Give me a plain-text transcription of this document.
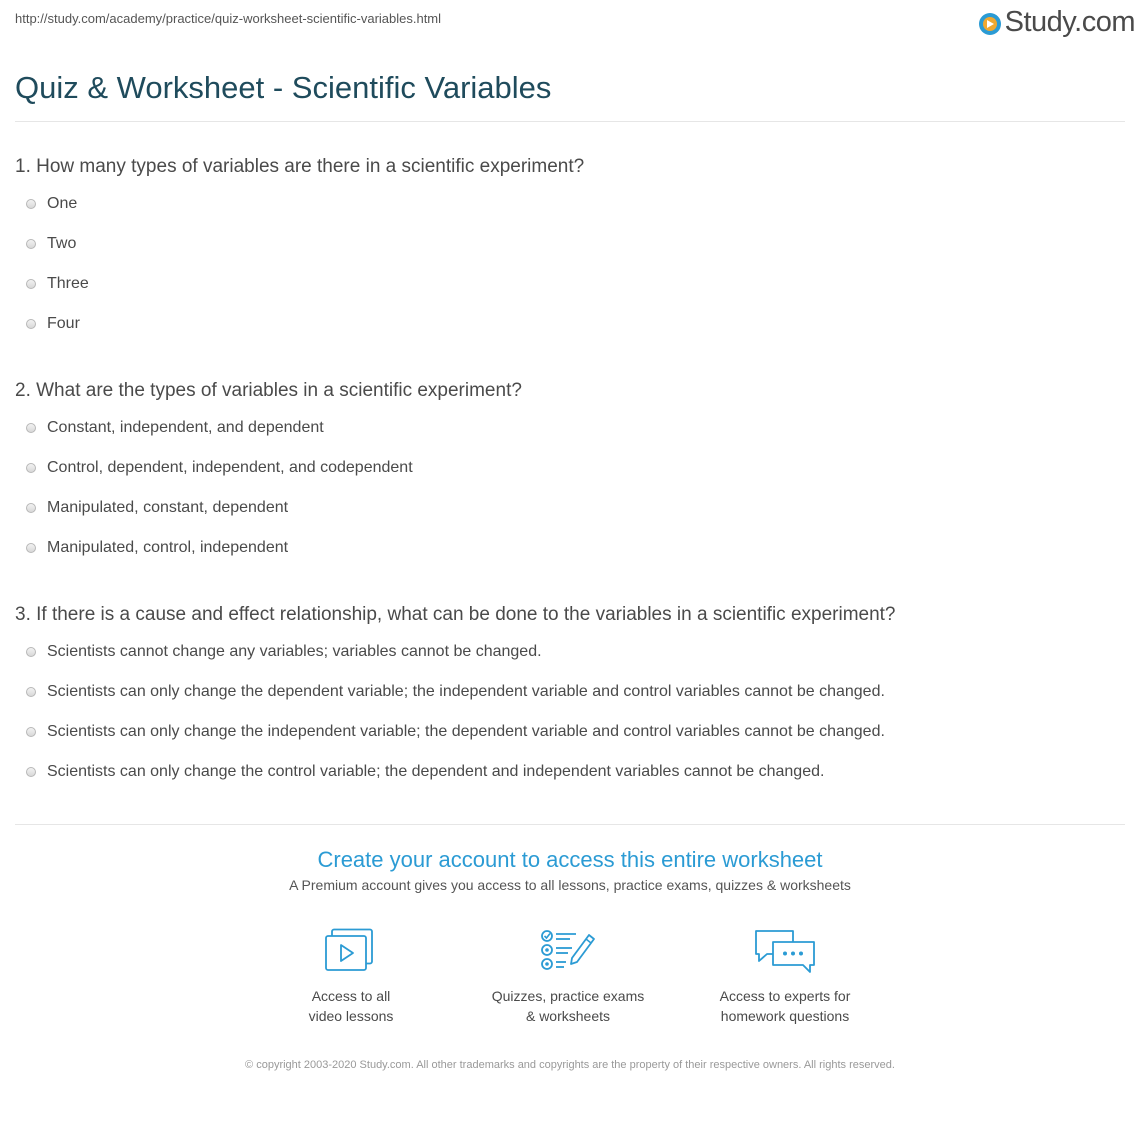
http://study.com/academy/practice/quiz-worksheet-scientific-variables.html	Study.com
Quiz & Worksheet - Scientific Variables

1. How many types of variables are there in a scientific experiment?

One
Two
Three
Four

2. What are the types of variables in a scientific experiment?

Constant, independent, and dependent
Control, dependent, independent, and codependent
Manipulated, constant, dependent
Manipulated, control, independent

3. If there is a cause and effect relationship, what can be done to the variables in a scientific experiment?

Scientists cannot change any variables; variables cannot be changed.
Scientists can only change the dependent variable; the independent variable and control variables cannot be changed.
Scientists can only change the independent variable; the dependent variable and control variables cannot be changed.
Scientists can only change the control variable; the dependent and independent variables cannot be changed.
Create your account to access this entire worksheet
A Premium account gives you access to all lessons, practice exams, quizzes & worksheets
Access to all
video lessons
Quizzes, practice exams
& worksheets
Access to experts for
homework questions
© copyright 2003-2020 Study.com. All other trademarks and copyrights are the property of their respective owners. All rights reserved.
